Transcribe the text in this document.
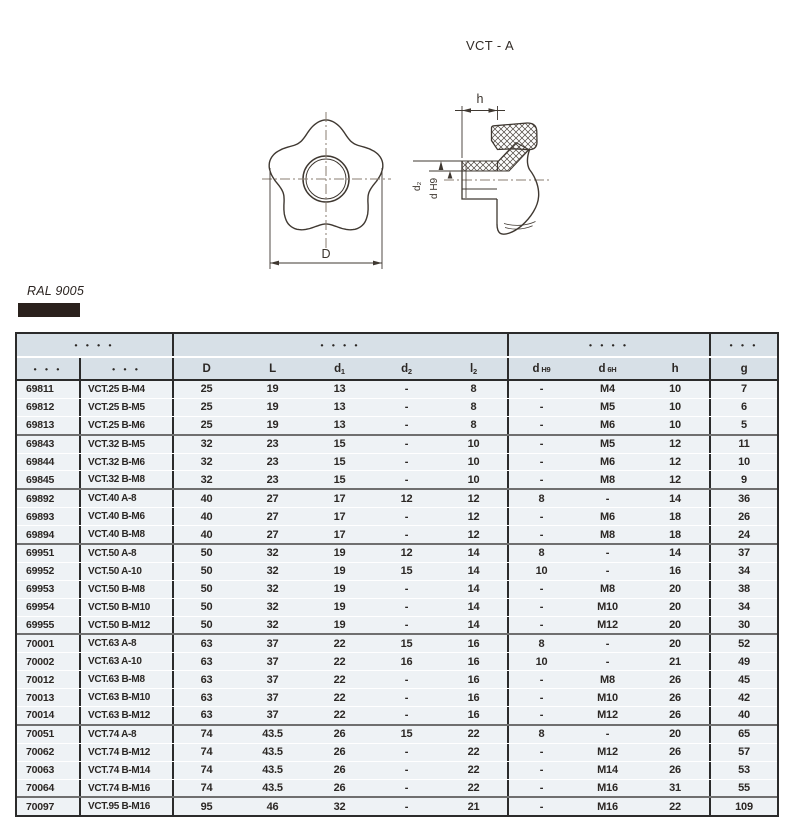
VCT - A
D
h
d₂ d H9
RAL 9005
• • • •	• • • •	• • • •	• • •
• • •	• • •	D	L	d 1	d 2	l 2	d H9	d 6H	h	g
69811	VCT.25 B-M4	25	19	13	-	8	-	M4	10	7
69812	VCT.25 B-M5	25	19	13	-	8	-	M5	10	6
69813	VCT.25 B-M6	25	19	13	-	8	-	M6	10	5
69843	VCT.32 B-M5	32	23	15	-	10	-	M5	12	11
69844	VCT.32 B-M6	32	23	15	-	10	-	M6	12	10
69845	VCT.32 B-M8	32	23	15	-	10	-	M8	12	9
69892	VCT.40 A-8	40	27	17	12	12	8	-	14	36
69893	VCT.40 B-M6	40	27	17	-	12	-	M6	18	26
69894	VCT.40 B-M8	40	27	17	-	12	-	M8	18	24
69951	VCT.50 A-8	50	32	19	12	14	8	-	14	37
69952	VCT.50 A-10	50	32	19	15	14	10	-	16	34
69953	VCT.50 B-M8	50	32	19	-	14	-	M8	20	38
69954	VCT.50 B-M10	50	32	19	-	14	-	M10	20	34
69955	VCT.50 B-M12	50	32	19	-	14	-	M12	20	30
70001	VCT.63 A-8	63	37	22	15	16	8	-	20	52
70002	VCT.63 A-10	63	37	22	16	16	10	-	21	49
70012	VCT.63 B-M8	63	37	22	-	16	-	M8	26	45
70013	VCT.63 B-M10	63	37	22	-	16	-	M10	26	42
70014	VCT.63 B-M12	63	37	22	-	16	-	M12	26	40
70051	VCT.74 A-8	74	43.5	26	15	22	8	-	20	65
70062	VCT.74 B-M12	74	43.5	26	-	22	-	M12	26	57
70063	VCT.74 B-M14	74	43.5	26	-	22	-	M14	26	53
70064	VCT.74 B-M16	74	43.5	26	-	22	-	M16	31	55
70097	VCT.95 B-M16	95	46	32	-	21	-	M16	22	109
